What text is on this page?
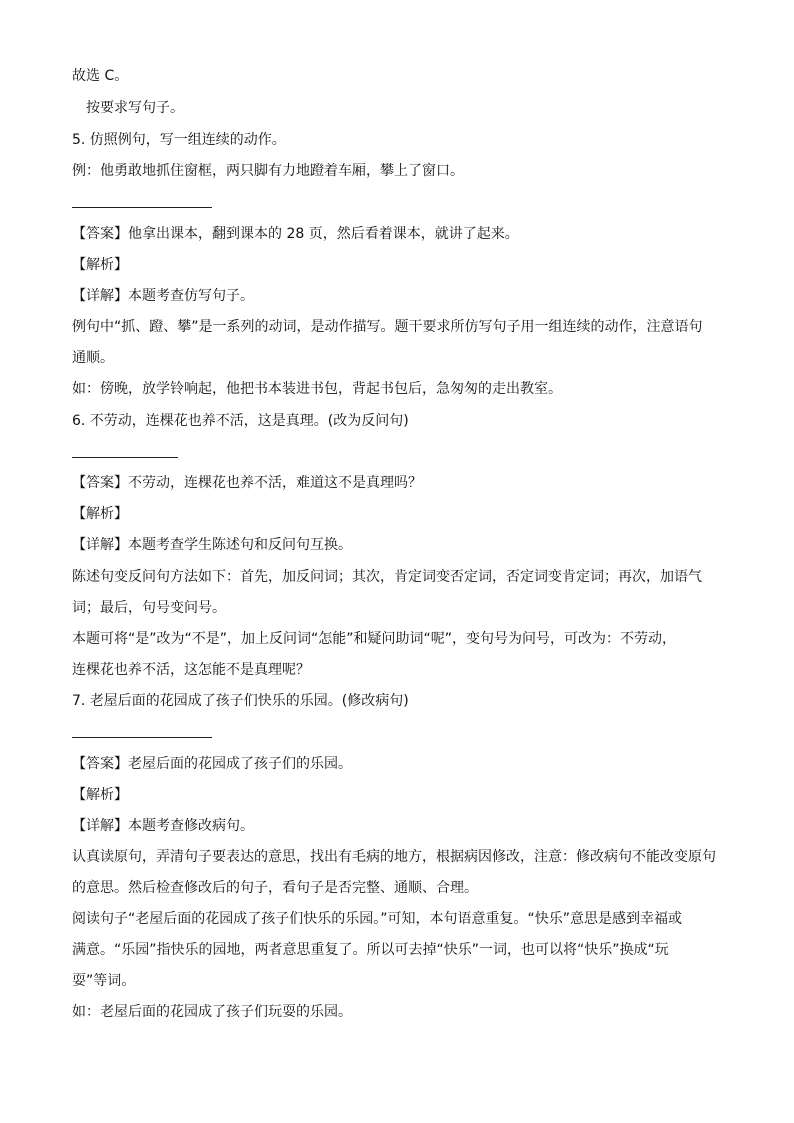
故选 C。
按要求写句子。
5. 仿照例句，写一组连续的动作。
例：他勇敢地抓住窗框，两只脚有力地蹬着车厢，攀上了窗口。
【答案】他拿出课本，翻到课本的 28 页，然后看着课本，就讲了起来。
【解析】
【详解】本题考查仿写句子。
例句中“抓、蹬、攀”是一系列的动词，是动作描写。题干要求所仿写句子用一组连续的动作，注意语句
通顺。
如：傍晚，放学铃响起，他把书本装进书包，背起书包后，急匆匆的走出教室。
6. 不劳动，连棵花也养不活，这是真理。(改为反问句)
【答案】不劳动，连棵花也养不活，难道这不是真理吗？
【解析】
【详解】本题考查学生陈述句和反问句互换。
陈述句变反问句方法如下：首先，加反问词；其次，肯定词变否定词，否定词变肯定词；再次，加语气
词；最后，句号变问号。
本题可将“是”改为“不是”，加上反问词“怎能”和疑问助词“呢”，变句号为问号，可改为：不劳动，
连棵花也养不活，这怎能不是真理呢？
7. 老屋后面的花园成了孩子们快乐的乐园。(修改病句)
【答案】老屋后面的花园成了孩子们的乐园。
【解析】
【详解】本题考查修改病句。
认真读原句，弄清句子要表达的意思，找出有毛病的地方，根据病因修改，注意：修改病句不能改变原句
的意思。然后检查修改后的句子，看句子是否完整、通顺、合理。
阅读句子“老屋后面的花园成了孩子们快乐的乐园。”可知，本句语意重复。“快乐”意思是感到幸福或
满意。“乐园”指快乐的园地，两者意思重复了。所以可去掉“快乐”一词，也可以将“快乐”换成“玩
耍”等词。
如：老屋后面的花园成了孩子们玩耍的乐园。
